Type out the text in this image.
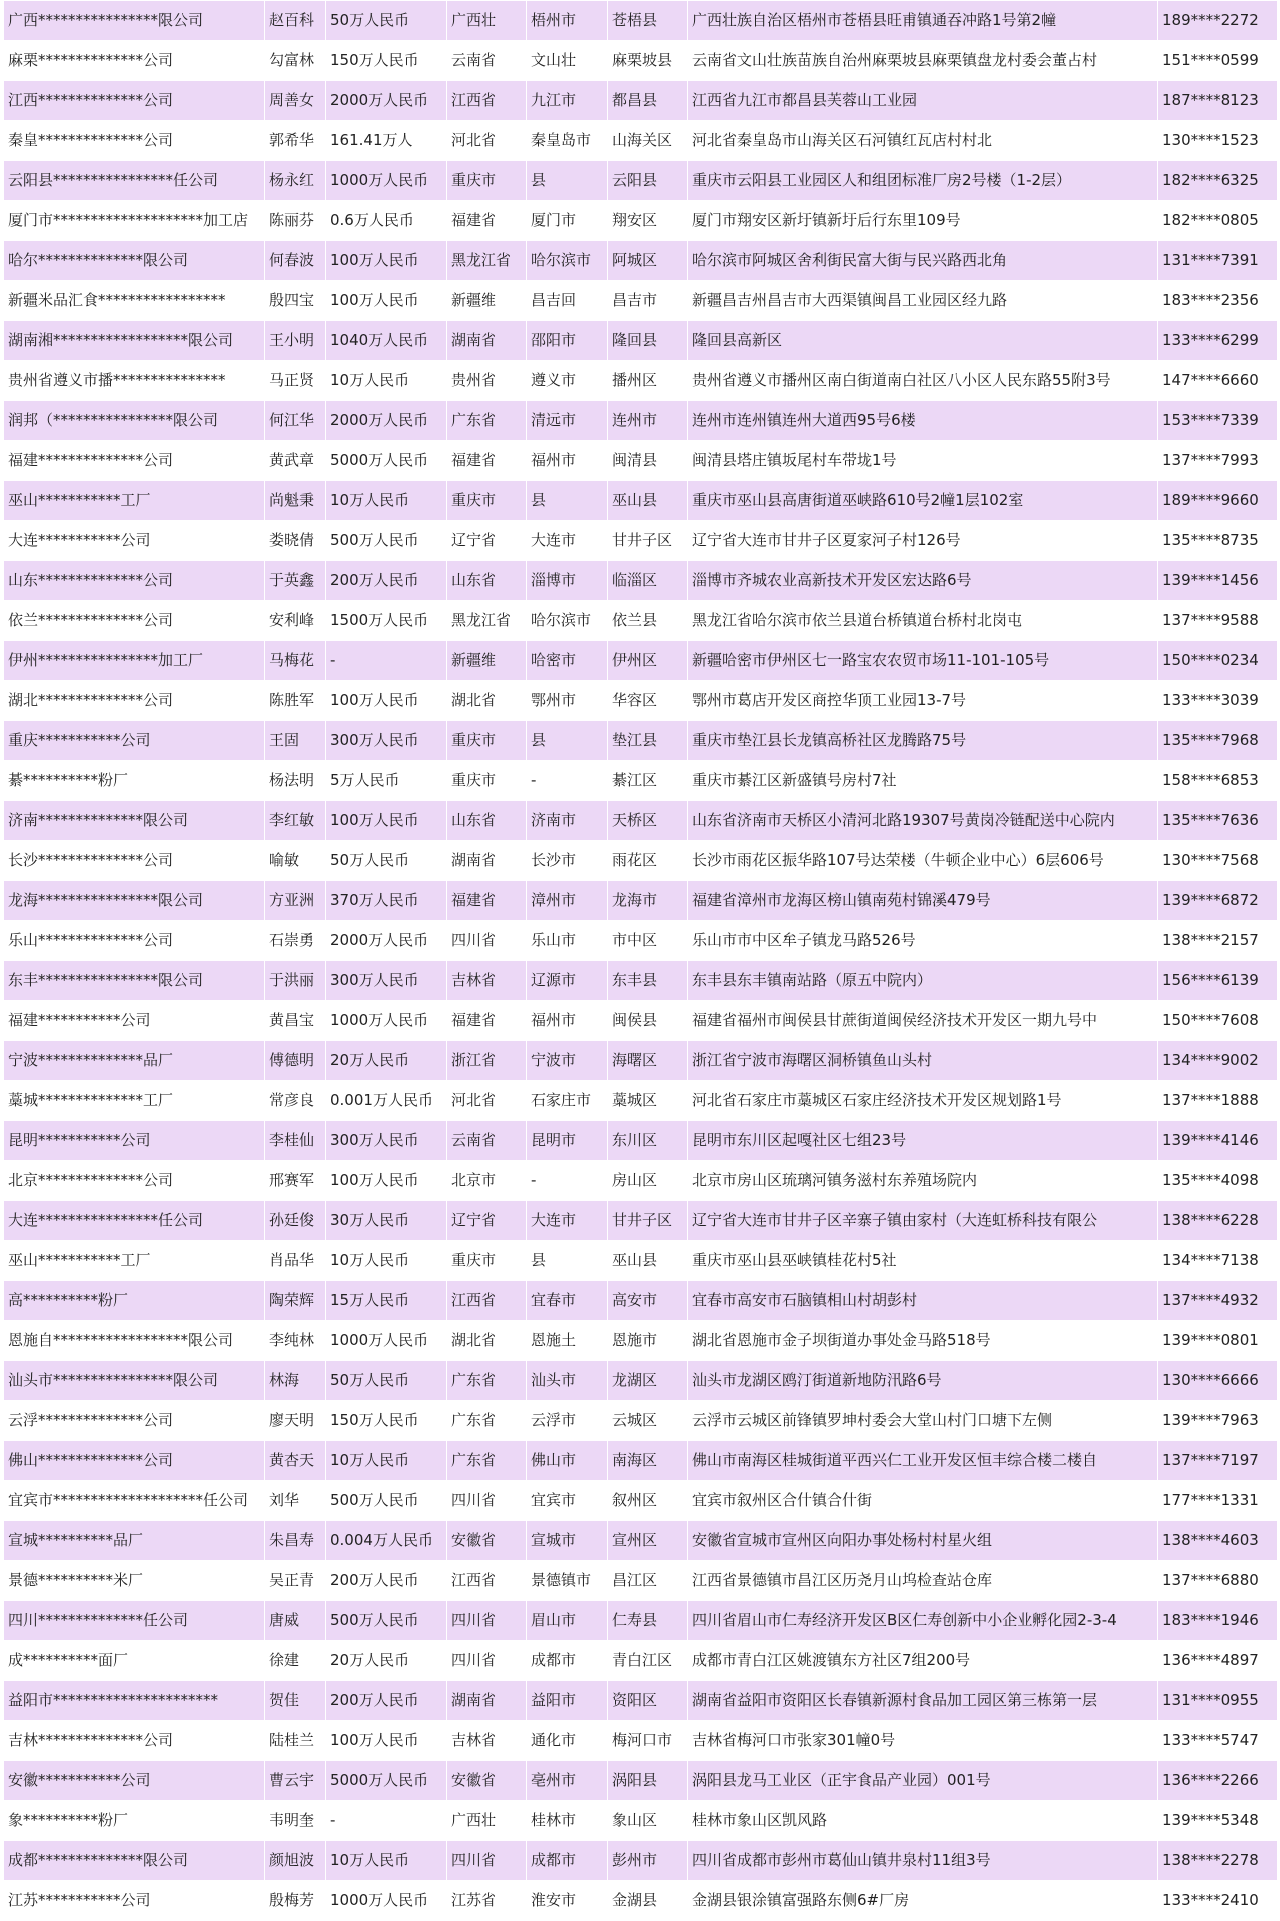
广西****************限公司	赵百科	50万人民币	广西壮	梧州市	苍梧县	广西壮族自治区梧州市苍梧县旺甫镇通吞冲路1号第2幢	189****2272
麻栗**************公司	勾富林	150万人民币	云南省	文山壮	麻栗坡县	云南省文山壮族苗族自治州麻栗坡县麻栗镇盘龙村委会董占村	151****0599
江西**************公司	周善女	2000万人民币	江西省	九江市	都昌县	江西省九江市都昌县芙蓉山工业园	187****8123
秦皇**************公司	郭希华	161.41万人	河北省	秦皇岛市	山海关区	河北省秦皇岛市山海关区石河镇红瓦店村村北	130****1523
云阳县****************任公司	杨永红	1000万人民币	重庆市	县	云阳县	重庆市云阳县工业园区人和组团标准厂房2号楼（1-2层）	182****6325
厦门市********************加工店	陈丽芬	0.6万人民币	福建省	厦门市	翔安区	厦门市翔安区新圩镇新圩后行东里109号	182****0805
哈尔**************限公司	何春波	100万人民币	黑龙江省	哈尔滨市	阿城区	哈尔滨市阿城区舍利街民富大街与民兴路西北角	131****7391
新疆米品汇食*****************	殷四宝	100万人民币	新疆维	昌吉回	昌吉市	新疆昌吉州昌吉市大西渠镇闽昌工业园区经九路	183****2356
湖南湘******************限公司	王小明	1040万人民币	湖南省	邵阳市	隆回县	隆回县高新区	133****6299
贵州省遵义市播***************	马正贤	10万人民币	贵州省	遵义市	播州区	贵州省遵义市播州区南白街道南白社区八小区人民东路55附3号	147****6660
润邦（****************限公司	何江华	2000万人民币	广东省	清远市	连州市	连州市连州镇连州大道西95号6楼	153****7339
福建**************公司	黄武章	5000万人民币	福建省	福州市	闽清县	闽清县塔庄镇坂尾村车带垅1号	137****7993
巫山***********工厂	尚魁秉	10万人民币	重庆市	县	巫山县	重庆市巫山县高唐街道巫峡路610号2幢1层102室	189****9660
大连***********公司	娄晓倩	500万人民币	辽宁省	大连市	甘井子区	辽宁省大连市甘井子区夏家河子村126号	135****8735
山东**************公司	于英鑫	200万人民币	山东省	淄博市	临淄区	淄博市齐城农业高新技术开发区宏达路6号	139****1456
依兰**************公司	安利峰	1500万人民币	黑龙江省	哈尔滨市	依兰县	黑龙江省哈尔滨市依兰县道台桥镇道台桥村北岗屯	137****9588
伊州****************加工厂	马梅花	-	新疆维	哈密市	伊州区	新疆哈密市伊州区七一路宝农农贸市场11-101-105号	150****0234
湖北**************公司	陈胜军	100万人民币	湖北省	鄂州市	华容区	鄂州市葛店开发区商控华顶工业园13-7号	133****3039
重庆***********公司	王固	300万人民币	重庆市	县	垫江县	重庆市垫江县长龙镇高桥社区龙腾路75号	135****7968
綦**********粉厂	杨法明	5万人民币	重庆市	-	綦江区	重庆市綦江区新盛镇号房村7社	158****6853
济南**************限公司	李红敏	100万人民币	山东省	济南市	天桥区	山东省济南市天桥区小清河北路19307号黄岗冷链配送中心院内	135****7636
长沙**************公司	喻敏	50万人民币	湖南省	长沙市	雨花区	长沙市雨花区振华路107号达荣楼（牛顿企业中心）6层606号	130****7568
龙海****************限公司	方亚洲	370万人民币	福建省	漳州市	龙海市	福建省漳州市龙海区榜山镇南苑村锦溪479号	139****6872
乐山**************公司	石崇勇	2000万人民币	四川省	乐山市	市中区	乐山市市中区牟子镇龙马路526号	138****2157
东丰****************限公司	于洪丽	300万人民币	吉林省	辽源市	东丰县	东丰县东丰镇南站路（原五中院内）	156****6139
福建***********公司	黄昌宝	1000万人民币	福建省	福州市	闽侯县	福建省福州市闽侯县甘蔗街道闽侯经济技术开发区一期九号中	150****7608
宁波**************品厂	傅德明	20万人民币	浙江省	宁波市	海曙区	浙江省宁波市海曙区洞桥镇鱼山头村	134****9002
藁城**************工厂	常彦良	0.001万人民币	河北省	石家庄市	藁城区	河北省石家庄市藁城区石家庄经济技术开发区规划路1号	137****1888
昆明***********公司	李桂仙	300万人民币	云南省	昆明市	东川区	昆明市东川区起嘎社区七组23号	139****4146
北京**************公司	邢赛军	100万人民币	北京市	-	房山区	北京市房山区琉璃河镇务滋村东养殖场院内	135****4098
大连****************任公司	孙廷俊	30万人民币	辽宁省	大连市	甘井子区	辽宁省大连市甘井子区辛寨子镇由家村（大连虹桥科技有限公	138****6228
巫山***********工厂	肖品华	10万人民币	重庆市	县	巫山县	重庆市巫山县巫峡镇桂花村5社	134****7138
高**********粉厂	陶荣辉	15万人民币	江西省	宜春市	高安市	宜春市高安市石脑镇相山村胡彭村	137****4932
恩施自******************限公司	李纯林	1000万人民币	湖北省	恩施土	恩施市	湖北省恩施市金子坝街道办事处金马路518号	139****0801
汕头市****************限公司	林海	50万人民币	广东省	汕头市	龙湖区	汕头市龙湖区鸥汀街道新地防汛路6号	130****6666
云浮**************公司	廖天明	150万人民币	广东省	云浮市	云城区	云浮市云城区前锋镇罗坤村委会大堂山村门口塘下左侧	139****7963
佛山**************公司	黄杏天	10万人民币	广东省	佛山市	南海区	佛山市南海区桂城街道平西兴仁工业开发区恒丰综合楼二楼自	137****7197
宜宾市********************任公司	刘华	500万人民币	四川省	宜宾市	叙州区	宜宾市叙州区合什镇合什街	177****1331
宣城**********品厂	朱昌寿	0.004万人民币	安徽省	宣城市	宣州区	安徽省宣城市宣州区向阳办事处杨村村星火组	138****4603
景德**********米厂	吴正青	200万人民币	江西省	景德镇市	昌江区	江西省景德镇市昌江区历尧月山坞检查站仓库	137****6880
四川**************任公司	唐威	500万人民币	四川省	眉山市	仁寿县	四川省眉山市仁寿经济开发区B区仁寿创新中小企业孵化园2-3-4	183****1946
成**********面厂	徐建	20万人民币	四川省	成都市	青白江区	成都市青白江区姚渡镇东方社区7组200号	136****4897
益阳市**********************	贺佳	200万人民币	湖南省	益阳市	资阳区	湖南省益阳市资阳区长春镇新源村食品加工园区第三栋第一层	131****0955
吉林**************公司	陆桂兰	100万人民币	吉林省	通化市	梅河口市	吉林省梅河口市张家301幢0号	133****5747
安徽***********公司	曹云宇	5000万人民币	安徽省	亳州市	涡阳县	涡阳县龙马工业区（正宇食品产业园）001号	136****2266
象**********粉厂	韦明奎	-	广西壮	桂林市	象山区	桂林市象山区凯风路	139****5348
成都**************限公司	颜旭波	10万人民币	四川省	成都市	彭州市	四川省成都市彭州市葛仙山镇井泉村11组3号	138****2278
江苏***********公司	殷梅芳	1000万人民币	江苏省	淮安市	金湖县	金湖县银涂镇富强路东侧6#厂房	133****2410
